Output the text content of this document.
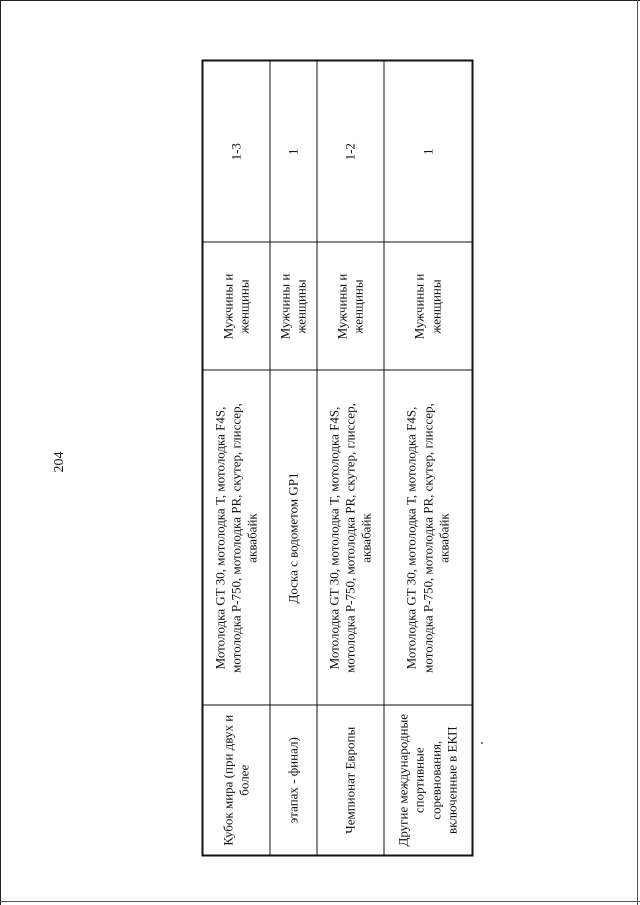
204
Кубок мира (при двух и более	Мотолодка GT 30, мотолодка T, мотолодка F4S, мотолодка P-750, мотолодка PR, скутер, глиссер, аквабайк	Мужчины и женщины	1-3
этапах - финал)	Доска с водометом GP1	Мужчины и женщины	1
Чемпионат Европы	Мотолодка GT 30, мотолодка T, мотолодка F4S, мотолодка P-750, мотолодка PR, скутер, глиссер, аквабайк	Мужчины и женщины	1-2
Другие международные спортивные соревнования, включенные в ЕКП	Мотолодка GT 30, мотолодка T, мотолодка F4S, мотолодка P-750, мотолодка PR, скутер, глиссер, аквабайк	Мужчины и женщины	1
